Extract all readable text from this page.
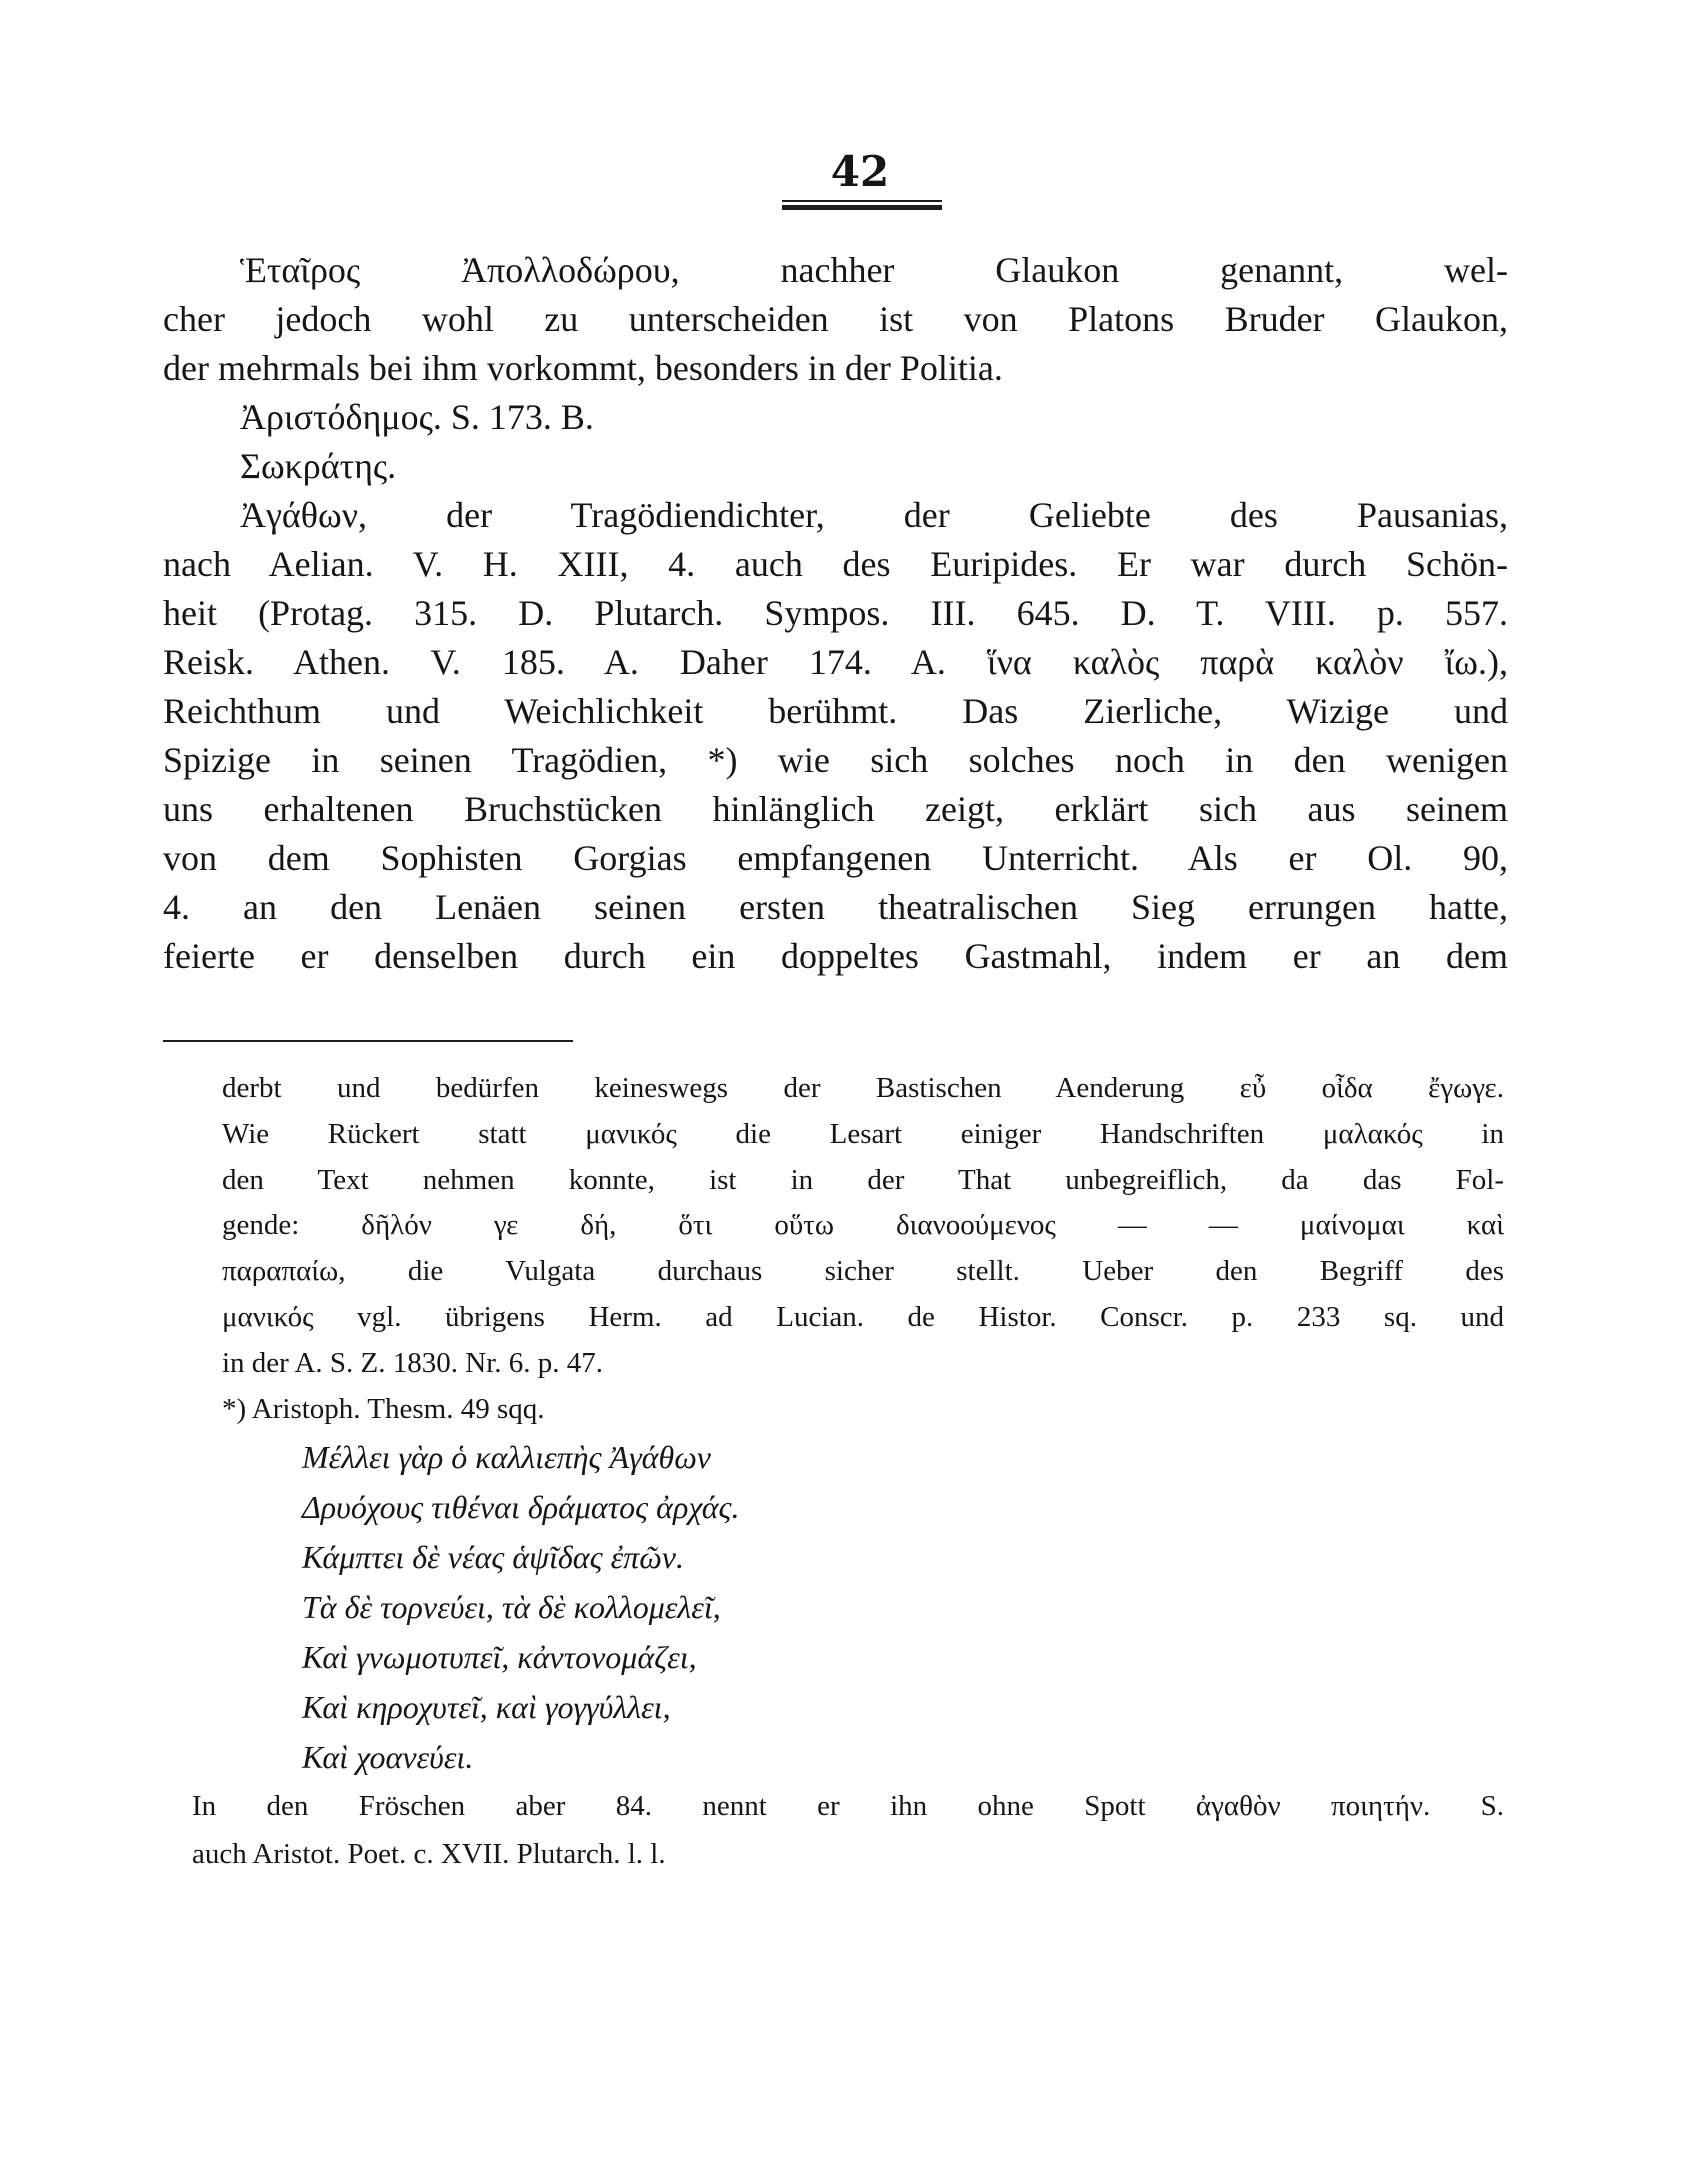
42

Ἑταῖρος Ἀπολλοδώρου, nachher Glaukon genannt, wel-

cher jedoch wohl zu unterscheiden ist von Platons Bruder Glaukon,

der mehrmals bei ihm vorkommt, besonders in der Politia.

Ἀριστόδημος. S. 173. B.

Σωκράτης.

Ἀγάθων, der Tragödiendichter, der Geliebte des Pausanias,

nach Aelian. V. H. XIII, 4. auch des Euripides. Er war durch Schön-

heit (Protag. 315. D. Plutarch. Sympos. III. 645. D. T. VIII. p. 557.

Reisk. Athen. V. 185. A. Daher 174. A. ἵνα καλὸς παρὰ καλὸν ἴω.),

Reichthum und Weichlichkeit berühmt. Das Zierliche, Wizige und

Spizige in seinen Tragödien, *) wie sich solches noch in den wenigen

uns erhaltenen Bruchstücken hinlänglich zeigt, erklärt sich aus seinem

von dem Sophisten Gorgias empfangenen Unterricht. Als er Ol. 90,

4. an den Lenäen seinen ersten theatralischen Sieg errungen hatte,

feierte er denselben durch ein doppeltes Gastmahl, indem er an dem

derbt und bedürfen keineswegs der Bastischen Aenderung εὖ οἶδα ἔγωγε.

Wie Rückert statt μανικός die Lesart einiger Handschriften μαλακός in

den Text nehmen konnte, ist in der That unbegreiflich, da das Fol-

gende: δῆλόν γε δή, ὅτι οὕτω διανοούμενος — — μαίνομαι καὶ

παραπαίω, die Vulgata durchaus sicher stellt. Ueber den Begriff des

μανικός vgl. übrigens Herm. ad Lucian. de Histor. Conscr. p. 233 sq. und

in der A. S. Z. 1830. Nr. 6. p. 47.

*) Aristoph. Thesm. 49 sqq.

Μέλλει γὰρ ὁ καλλιεπὴς Ἀγάθων

Δρυόχους τιθέναι δράματος ἀρχάς.

Κάμπτει δὲ νέας ἁψῖδας ἐπῶν.

Τὰ δὲ τορνεύει, τὰ δὲ κολλομελεῖ,

Καὶ γνωμοτυπεῖ, κἀντονομάζει,

Καὶ κηροχυτεῖ, καὶ γογγύλλει,

Καὶ χοανεύει.

In den Fröschen aber 84. nennt er ihn ohne Spott ἀγαθὸν ποιητήν. S.

auch Aristot. Poet. c. XVII. Plutarch. l. l.
